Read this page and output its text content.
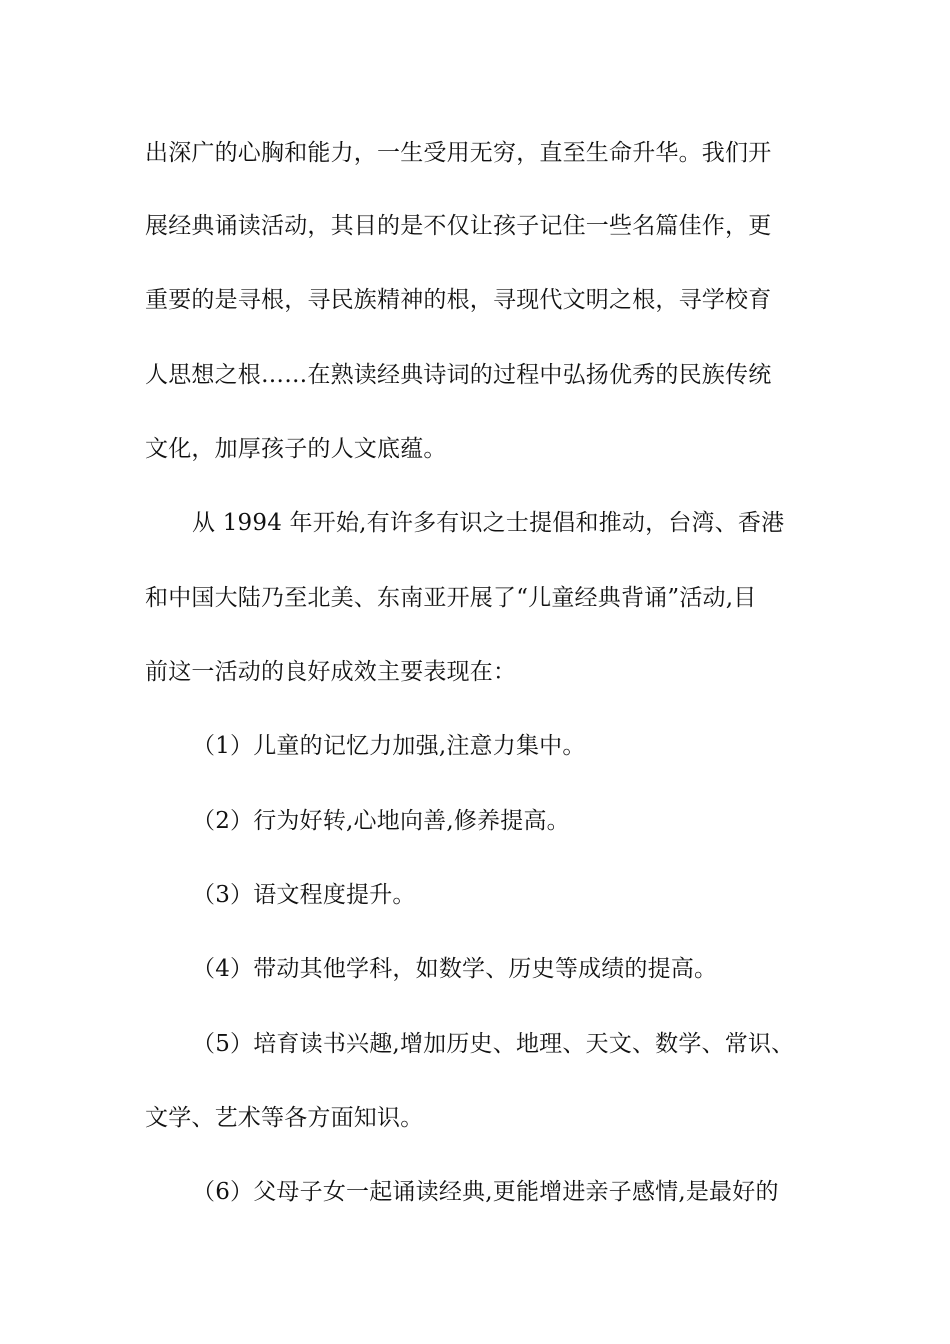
出深广的心胸和能力，一生受用无穷，直至生命升华。我们开
展经典诵读活动，其目的是不仅让孩子记住一些名篇佳作，更
重要的是寻根，寻民族精神的根，寻现代文明之根，寻学校育
人思想之根……在熟读经典诗词的过程中弘扬优秀的民族传统
文化，加厚孩子的人文底蕴。
从 1994 年开始,有许多有识之士提倡和推动，台湾、香港
和中国大陆乃至北美、东南亚开展了“儿童经典背诵”活动,目
前这一活动的良好成效主要表现在：
（1）儿童的记忆力加强,注意力集中。
（2）行为好转,心地向善,修养提高。
（3）语文程度提升。
（4）带动其他学科，如数学、历史等成绩的提高。
（5）培育读书兴趣,增加历史、地理、天文、数学、常识、
文学、艺术等各方面知识。
（6）父母子女一起诵读经典,更能增进亲子感情,是最好的
